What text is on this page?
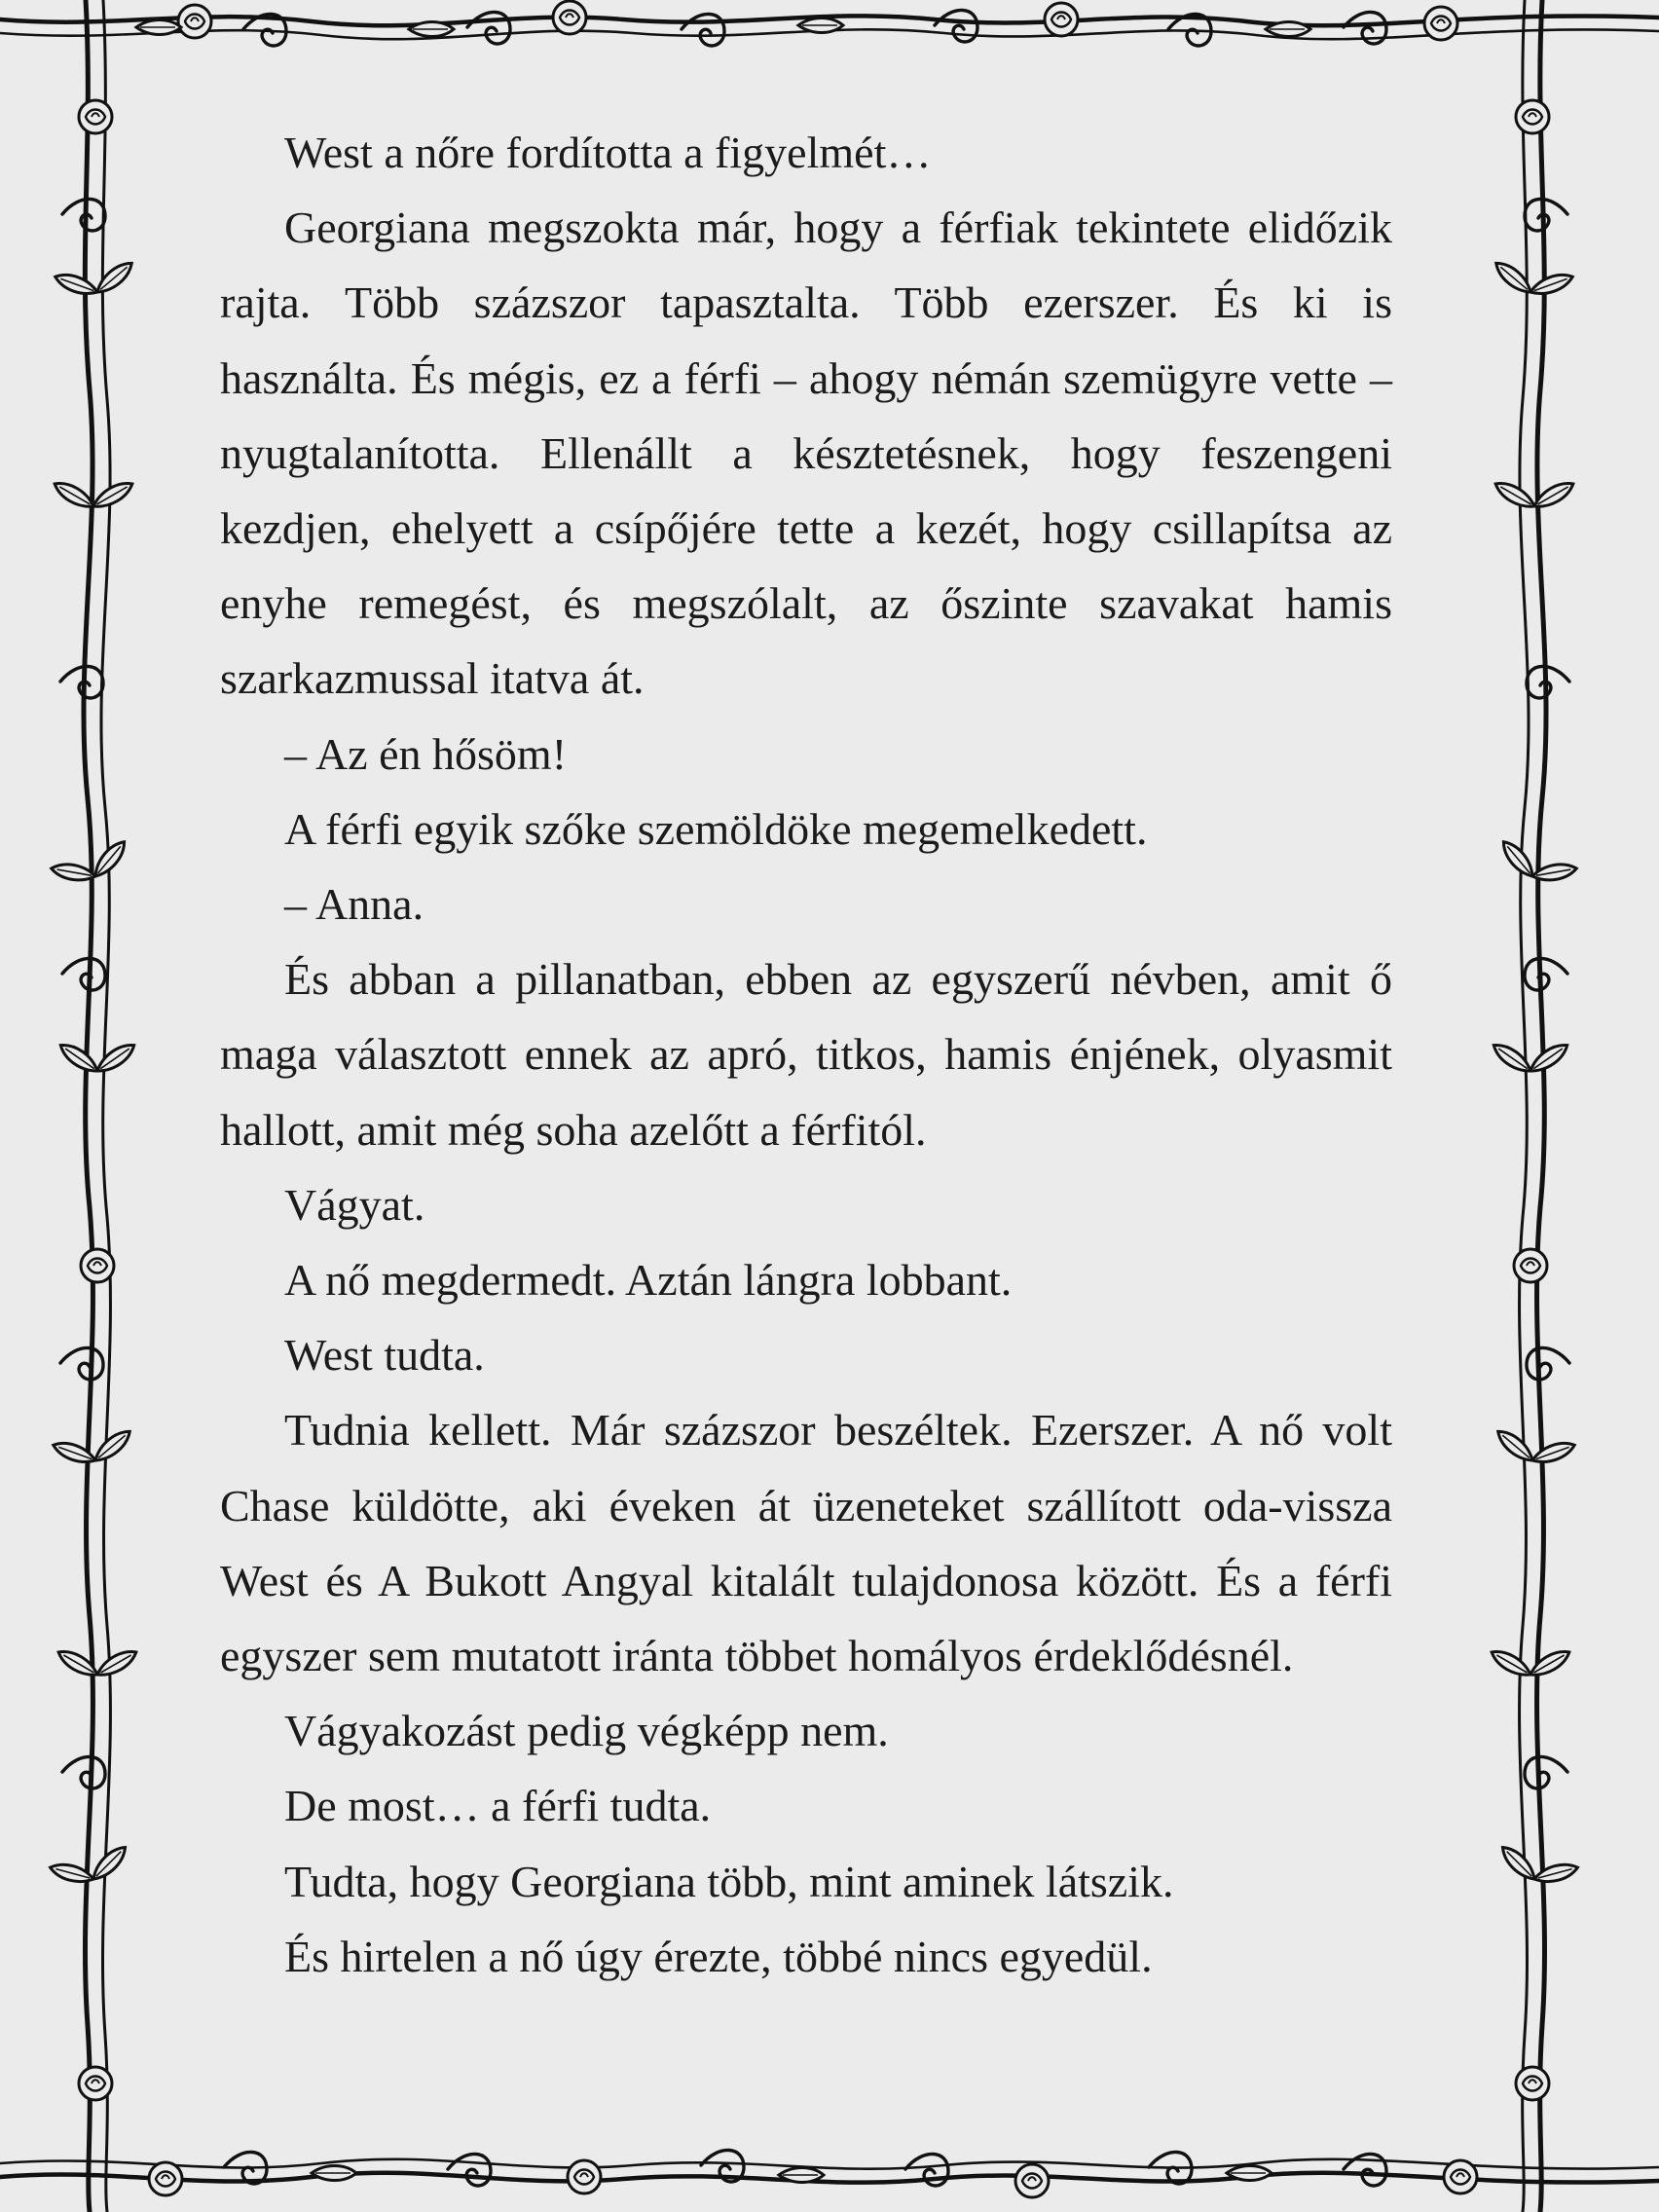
West a nőre fordította a figyelmét…

Georgiana megszokta már, hogy a férfiak tekintete elidőzik rajta. Több százszor tapasztalta. Több ezerszer. És ki is használta. És mégis, ez a férfi – ahogy némán szemügyre vette – nyugtalanította. Ellenállt a késztetésnek, hogy feszengeni kezdjen, ehelyett a csípőjére tette a kezét, hogy csillapítsa az enyhe remegést, és megszólalt, az őszinte szavakat hamis szarkazmussal itatva át.

– Az én hősöm!

A férfi egyik szőke szemöldöke megemelkedett.

– Anna.

És abban a pillanatban, ebben az egyszerű névben, amit ő maga választott ennek az apró, titkos, hamis énjének, olyasmit hallott, amit még soha azelőtt a férfitól.

Vágyat.

A nő megdermedt. Aztán lángra lobbant.

West tudta.

Tudnia kellett. Már százszor beszéltek. Ezerszer. A nő volt Chase küldötte, aki éveken át üzeneteket szállított oda-vissza West és A Bukott Angyal kitalált tulajdonosa között. És a férfi egyszer sem mutatott iránta többet homályos érdeklődésnél.

Vágyakozást pedig végképp nem.

De most… a férfi tudta.

Tudta, hogy Georgiana több, mint aminek látszik.

És hirtelen a nő úgy érezte, többé nincs egyedül.
